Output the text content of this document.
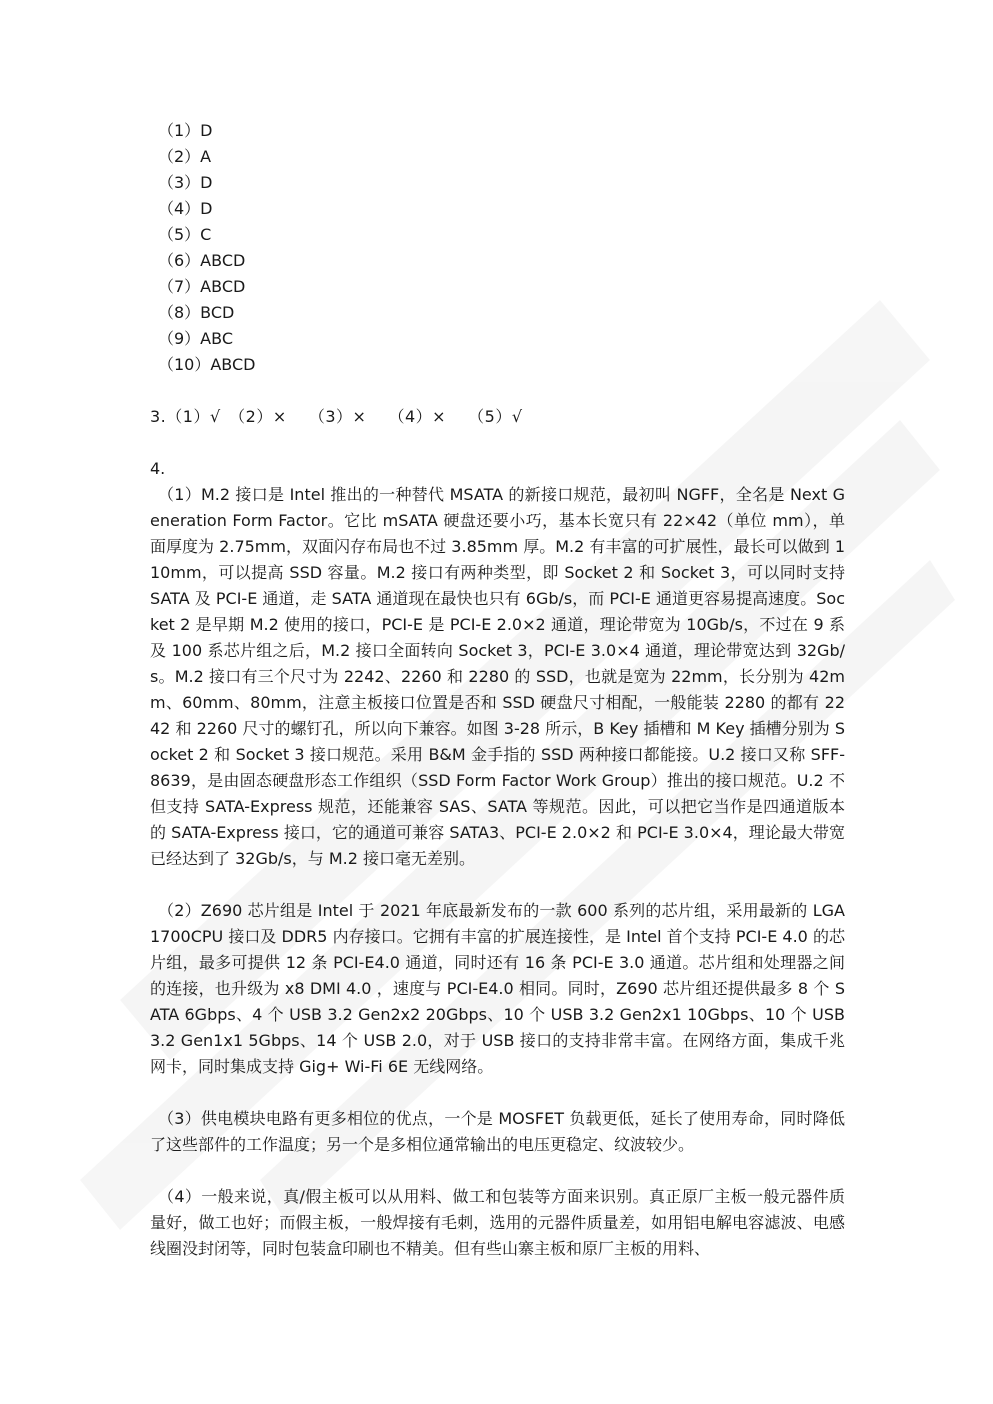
（1）D
（2）A
（3）D
（4）D
（5）C
（6）ABCD
（7）ABCD
（8）BCD
（9）ABC
（10）ABCD
3.（1）√　（2）×　 （3）×　 （4）×　 （5）√
4.

（1）M.2 接口是 Intel 推出的一种替代 MSATA 的新接口规范，最初叫 NGFF，全名是 Next Generation Form Factor。它比 mSATA 硬盘还要小巧，基本长宽只有 22×42（单位 mm），单面厚度为 2.75mm，双面闪存布局也不过 3.85mm 厚。M.2 有丰富的可扩展性，最长可以做到 110mm，可以提高 SSD 容量。M.2 接口有两种类型，即 Socket 2 和 Socket 3，可以同时支持 SATA 及 PCI-E 通道，走 SATA 通道现在最快也只有 6Gb/s，而 PCI-E 通道更容易提高速度。Socket 2 是早期 M.2 使用的接口，PCI-E 是 PCI-E 2.0×2 通道，理论带宽为 10Gb/s，不过在 9 系及 100 系芯片组之后，M.2 接口全面转向 Socket 3，PCI-E 3.0×4 通道，理论带宽达到 32Gb/s。M.2 接口有三个尺寸为 2242、2260 和 2280 的 SSD，也就是宽为 22mm，长分别为 42mm、60mm、80mm，注意主板接口位置是否和 SSD 硬盘尺寸相配，一般能装 2280 的都有 2242 和 2260 尺寸的螺钉孔，所以向下兼容。如图 3-28 所示，B Key 插槽和 M Key 插槽分别为 Socket 2 和 Socket 3 接口规范。采用 B&M 金手指的 SSD 两种接口都能接。U.2 接口又称 SFF-8639，是由固态硬盘形态工作组织（SSD Form Factor Work Group）推出的接口规范。U.2 不但支持 SATA-Express 规范，还能兼容 SAS、SATA 等规范。因此，可以把它当作是四通道版本的 SATA-Express 接口，它的通道可兼容 SATA3、PCI-E 2.0×2 和 PCI-E 3.0×4，理论最大带宽已经达到了 32Gb/s，与 M.2 接口毫无差别。

（2）Z690 芯片组是 Intel 于 2021 年底最新发布的一款 600 系列的芯片组，采用最新的 LGA1700CPU 接口及 DDR5 内存接口。它拥有丰富的扩展连接性，是 Intel 首个支持 PCI-E 4.0 的芯片组，最多可提供 12 条 PCI-E4.0 通道，同时还有 16 条 PCI-E 3.0 通道。芯片组和处理器之间的连接，也升级为 x8 DMI 4.0 ，速度与 PCI-E4.0 相同。同时，Z690 芯片组还提供最多 8 个 SATA 6Gbps、4 个 USB 3.2 Gen2x2 20Gbps、10 个 USB 3.2 Gen2x1 10Gbps、10 个 USB 3.2 Gen1x1 5Gbps、14 个 USB 2.0，对于 USB 接口的支持非常丰富。在网络方面，集成千兆网卡，同时集成支持 Gig+ Wi-Fi 6E 无线网络。

（3）供电模块电路有更多相位的优点，一个是 MOSFET 负载更低，延长了使用寿命，同时降低了这些部件的工作温度；另一个是多相位通常输出的电压更稳定、纹波较少。

（4）一般来说，真/假主板可以从用料、做工和包装等方面来识别。真正原厂主板一般元器件质量好，做工也好；而假主板，一般焊接有毛刺，选用的元器件质量差，如用铝电解电容滤波、电感线圈没封闭等，同时包装盒印刷也不精美。但有些山寨主板和原厂主板的用料、
